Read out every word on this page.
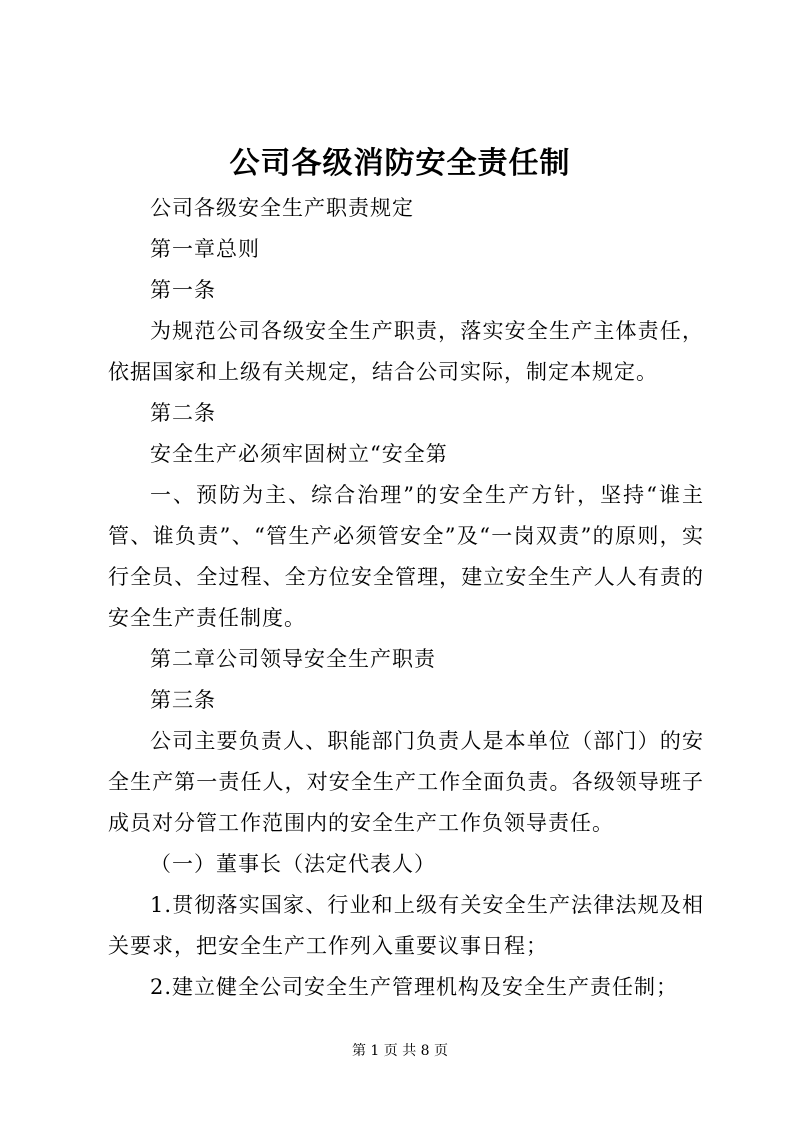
公司各级消防安全责任制

公司各级安全生产职责规定

第一章总则

第一条

为规范公司各级安全生产职责，落实安全生产主体责任，依据国家和上级有关规定，结合公司实际，制定本规定。

第二条

安全生产必须牢固树立“安全第

一、预防为主、综合治理”的安全生产方针，坚持“谁主管、谁负责”、“管生产必须管安全”及“一岗双责”的原则，实行全员、全过程、全方位安全管理，建立安全生产人人有责的安全生产责任制度。

第二章公司领导安全生产职责

第三条

公司主要负责人、职能部门负责人是本单位（部门）的安全生产第一责任人，对安全生产工作全面负责。各级领导班子成员对分管工作范围内的安全生产工作负领导责任。

（一）董事长（法定代表人）

1.贯彻落实国家、行业和上级有关安全生产法律法规及相关要求，把安全生产工作列入重要议事日程；

2.建立健全公司安全生产管理机构及安全生产责任制；

第 1 页 共 8 页
